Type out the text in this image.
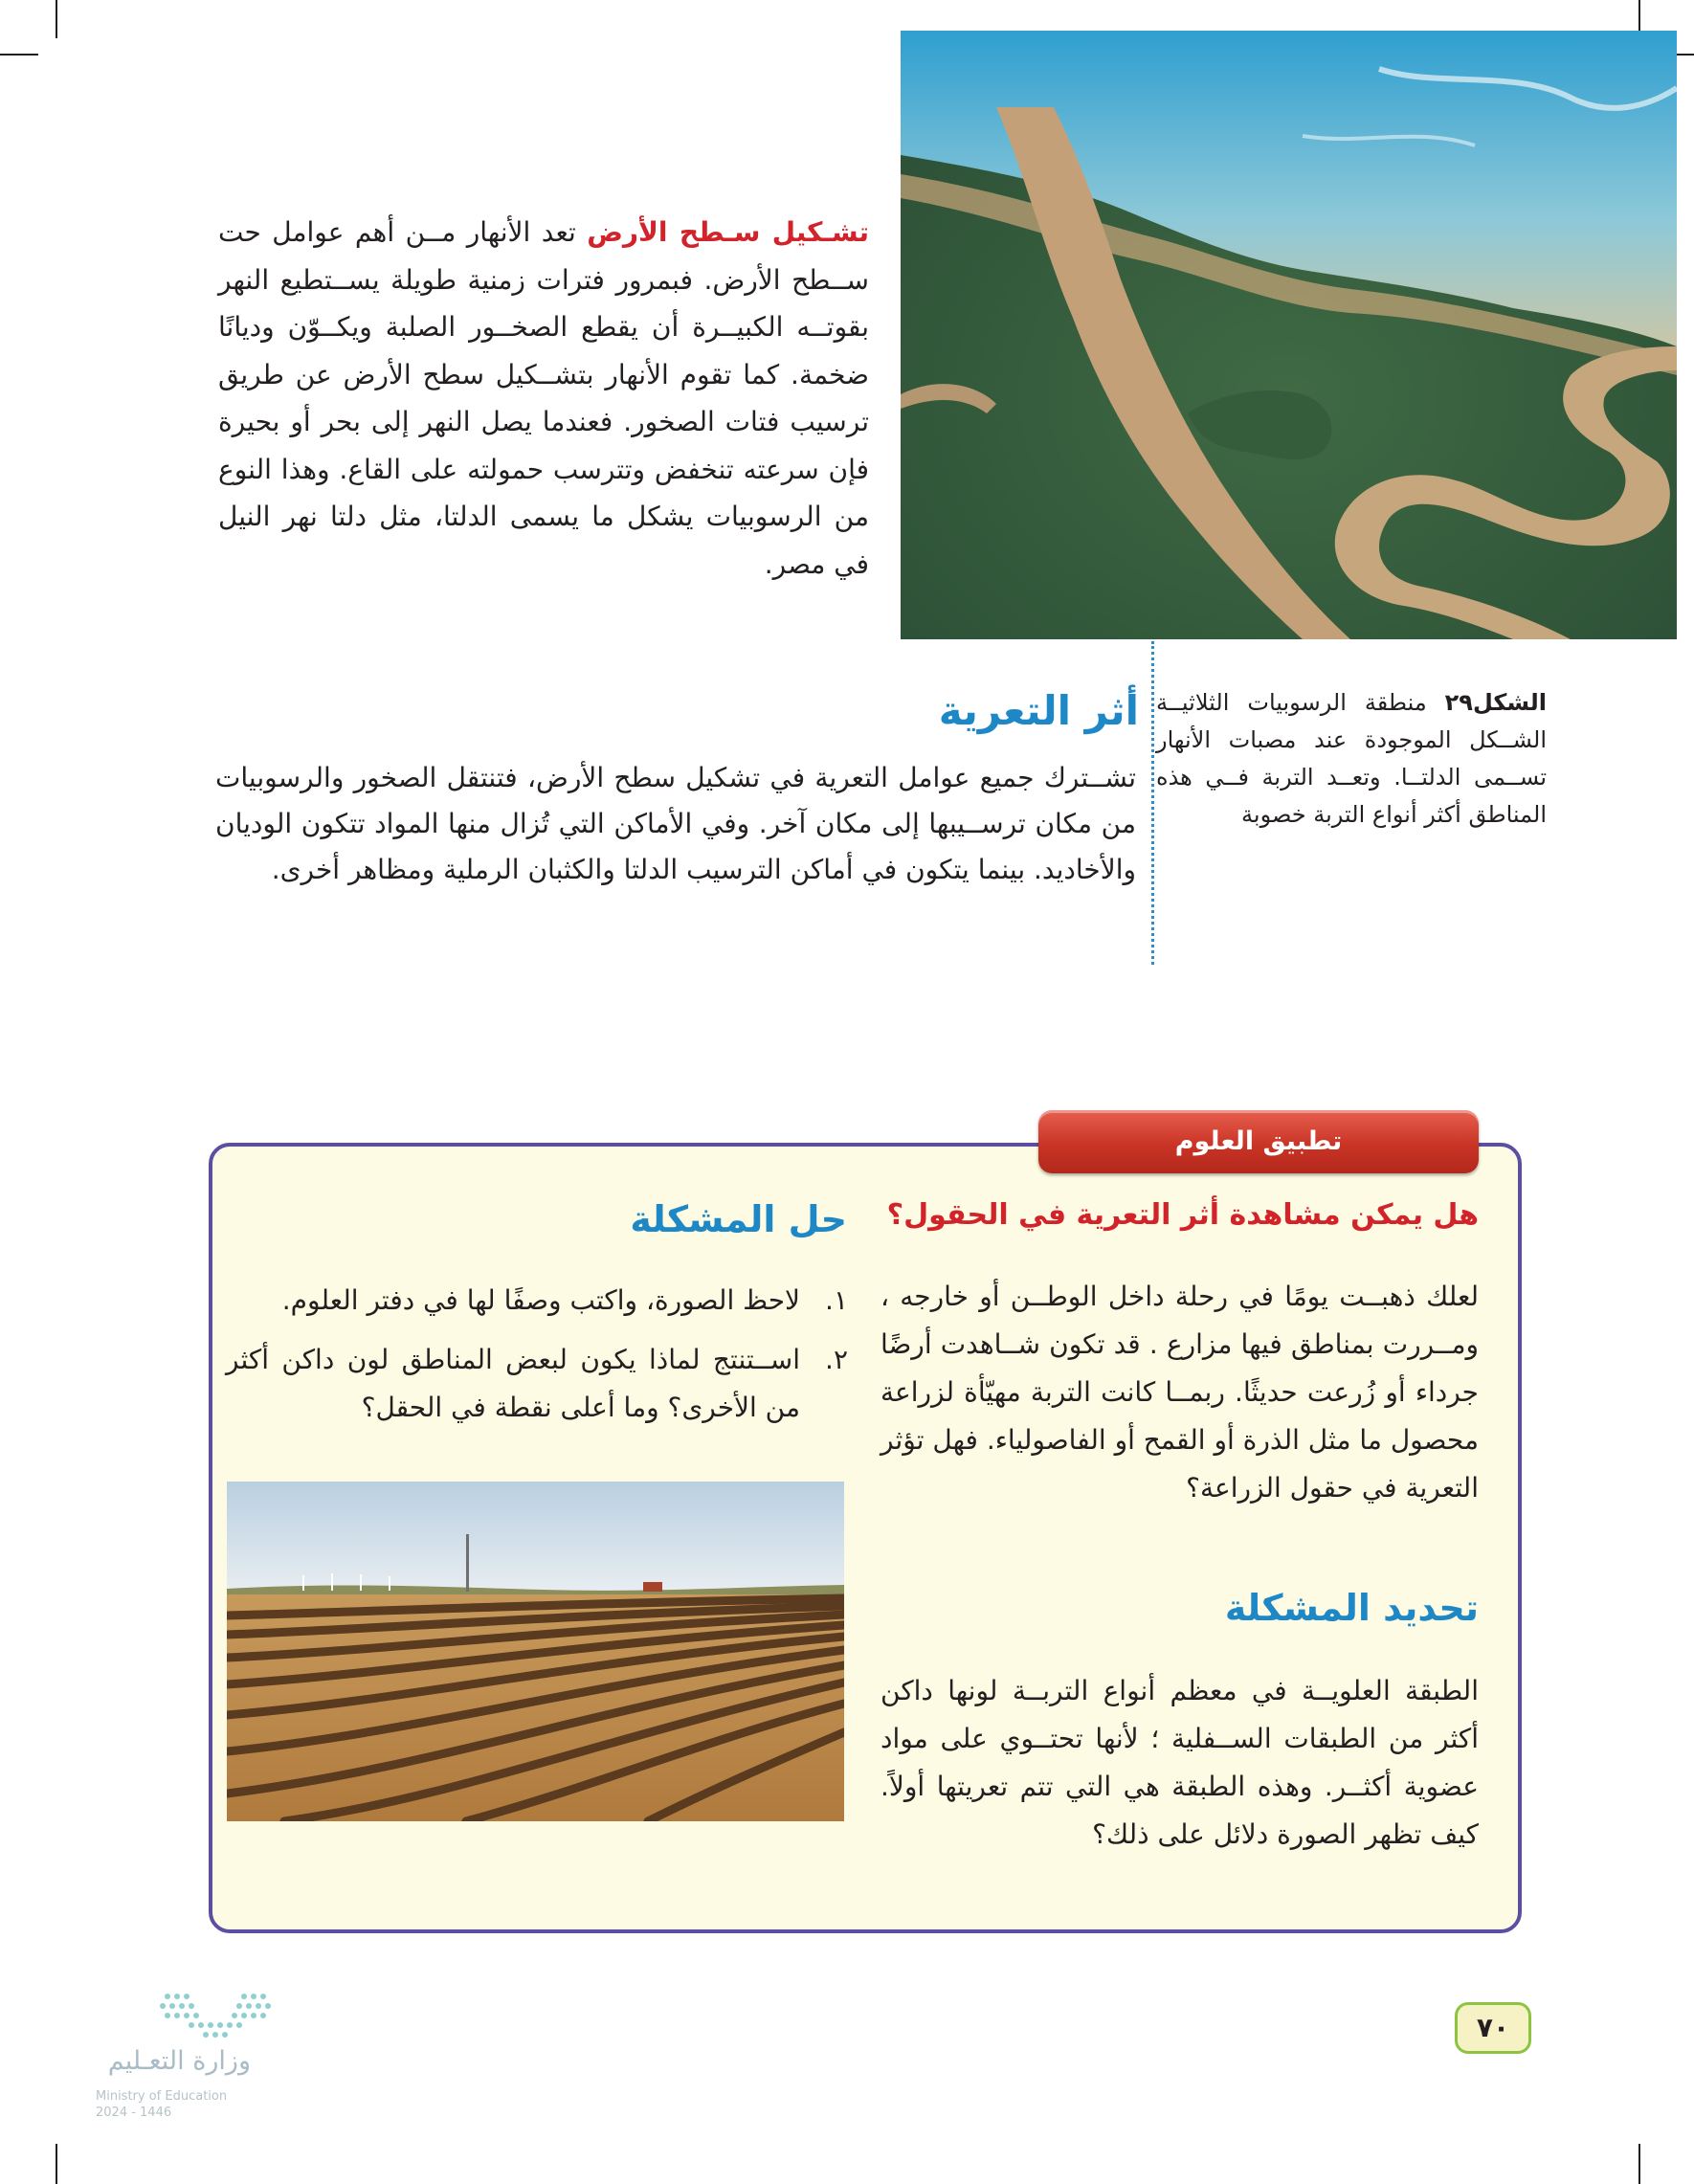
تشـكيل سـطح الأرض تعد الأنهار مــن أهم عوامل حت ســطح الأرض. فبمرور فترات زمنية طويلة يســتطيع النهر بقوتــه الكبيــرة أن يقطع الصخــور الصلبة ويكــوّن وديانًا ضخمة. كما تقوم الأنهار بتشــكيل سطح الأرض عن طريق ترسيب فتات الصخور. فعندما يصل النهر إلى بحر أو بحيرة فإن سرعته تنخفض وتترسب حمولته على القاع. وهذا النوع من الرسوبيات يشكل ما يسمى الدلتا، مثل دلتا نهر النيل في مصر.
الشكل٢٩ منطقة الرسوبيات الثلاثيــة الشــكل الموجودة عند مصبات الأنهار تســمى الدلتــا. وتعــد التربة فــي هذه المناطق أكثر أنواع التربة خصوبة
أثر التعرية
تشــترك جميع عوامل التعرية في تشكيل سطح الأرض، فتنتقل الصخور والرسوبيات من مكان ترســيبها إلى مكان آخر. وفي الأماكن التي تُزال منها المواد تتكون الوديان والأخاديد. بينما يتكون في أماكن الترسيب الدلتا والكثبان الرملية ومظاهر أخرى.
تطبيق العلوم
هل يمكن مشاهدة أثر التعرية في الحقول؟
لعلك ذهبــت يومًا في رحلة داخل الوطــن أو خارجه ، ومــررت بمناطق فيها مزارع . قد تكون شــاهدت أرضًا جرداء أو زُرعت حديثًا. ربمــا كانت التربة مهيّأة لزراعة محصول ما مثل الذرة أو القمح أو الفاصولياء. فهل تؤثر التعرية في حقول الزراعة؟
تحديد المشكلة
الطبقة العلويــة في معظم أنواع التربــة لونها داكن أكثر من الطبقات الســفلية ؛ لأنها تحتــوي على مواد عضوية أكثــر. وهذه الطبقة هي التي تتم تعريتها أولاً. كيف تظهر الصورة دلائل على ذلك؟
حل المشكلة
١.
لاحظ الصورة، واكتب وصفًا لها في دفتر العلوم.
٢.
اســتنتج لماذا يكون لبعض المناطق لون داكن أكثر من الأخرى؟ وما أعلى نقطة في الحقل؟
٧٠
وزارة التعـليم
Ministry of Education
2024 - 1446
